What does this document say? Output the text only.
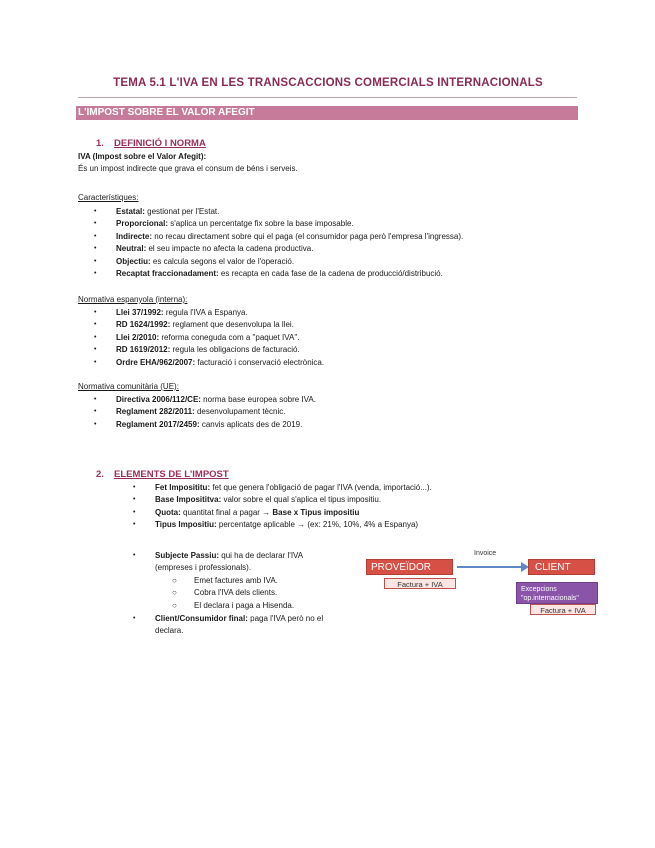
TEMA 5.1 L'IVA EN LES TRANSCACCIONS COMERCIALS INTERNACIONALS
L'IMPOST SOBRE EL VALOR AFEGIT
1. DEFINICIÓ I NORMA
IVA (Impost sobre el Valor Afegit):
És un impost indirecte que grava el consum de béns i serveis.
Característiques:
• Estatal: gestionat per l'Estat.
• Proporcional: s'aplica un percentatge fix sobre la base imposable.
• Indirecte: no recau directament sobre qui el paga (el consumidor paga però l'empresa l'ingressa).
• Neutral: el seu impacte no afecta la cadena productiva.
• Objectiu: es calcula segons el valor de l'operació.
• Recaptat fraccionadament: es recapta en cada fase de la cadena de producció/distribució.
Normativa espanyola (interna):
• Llei 37/1992: regula l'IVA a Espanya.
• RD 1624/1992: reglament que desenvolupa la llei.
• Llei 2/2010: reforma coneguda com a "paquet IVA".
• RD 1619/2012: regula les obligacions de facturació.
• Ordre EHA/962/2007: facturació i conservació electrònica.
Normativa comunitària (UE):
• Directiva 2006/112/CE: norma base europea sobre IVA.
• Reglament 282/2011: desenvolupament tècnic.
• Reglament 2017/2459: canvis aplicats des de 2019.
2. ELEMENTS DE L'IMPOST
• Fet Imposititu: fet que genera l'obligació de pagar l'IVA (venda, importació...).
• Base Imposititva: valor sobre el qual s'aplica el tipus impositiu.
• Quota: quantitat final a pagar → Base x Tipus impositiu
• Tipus Impositiu: percentatge aplicable → (ex: 21%, 10%, 4% a Espanya)
• Subjecte Passiu: qui ha de declarar l'IVA
(empreses i professionals).
○ Emet factures amb IVA.
○ Cobra l'IVA dels clients.
○ El declara i paga a Hisenda.
• Client/Consumidor final: paga l'IVA però no el
declara.
Invoice
PROVEÏDOR	CLIENT
Factura + IVA
Excepcions
"op.internacionals"
Factura + IVA
